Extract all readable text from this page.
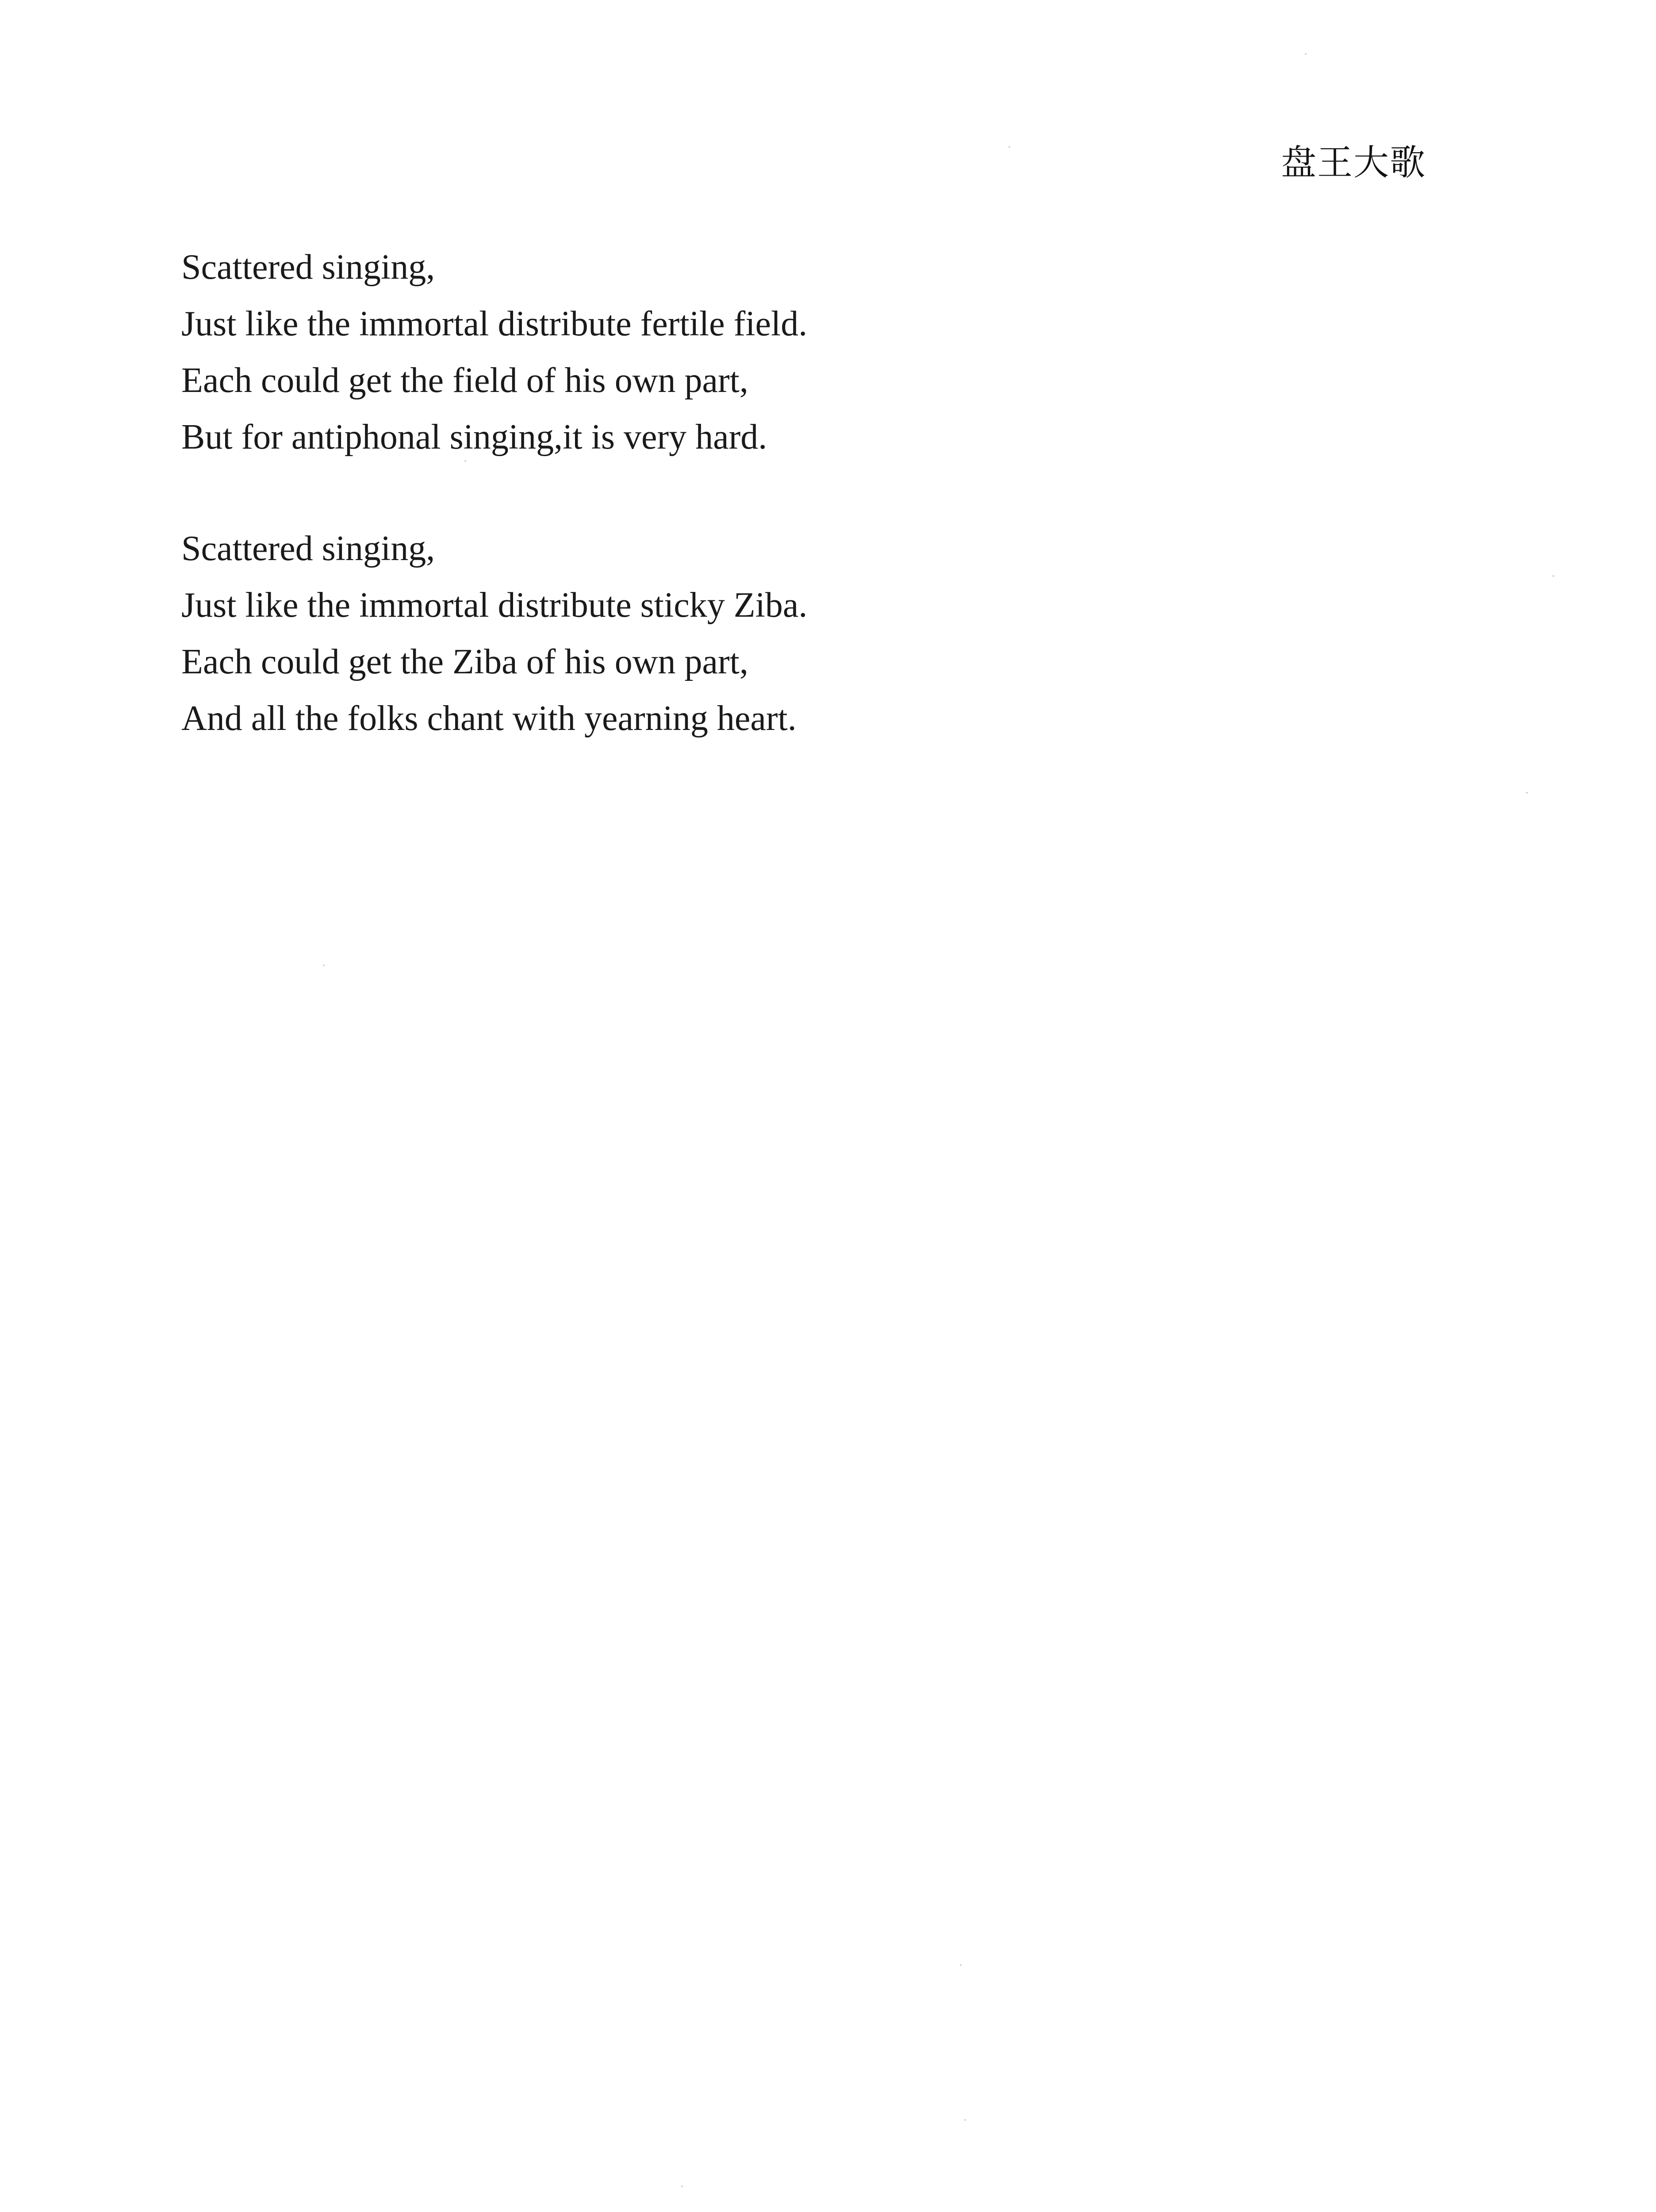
盘王大歌
Scattered singing,
Just like the immortal distribute fertile field.
Each could get the field of his own part,
But for antiphonal singing,it is very hard.
Scattered singing,
Just like the immortal distribute sticky Ziba.
Each could get the Ziba of his own part,
And all the folks chant with yearning heart.
